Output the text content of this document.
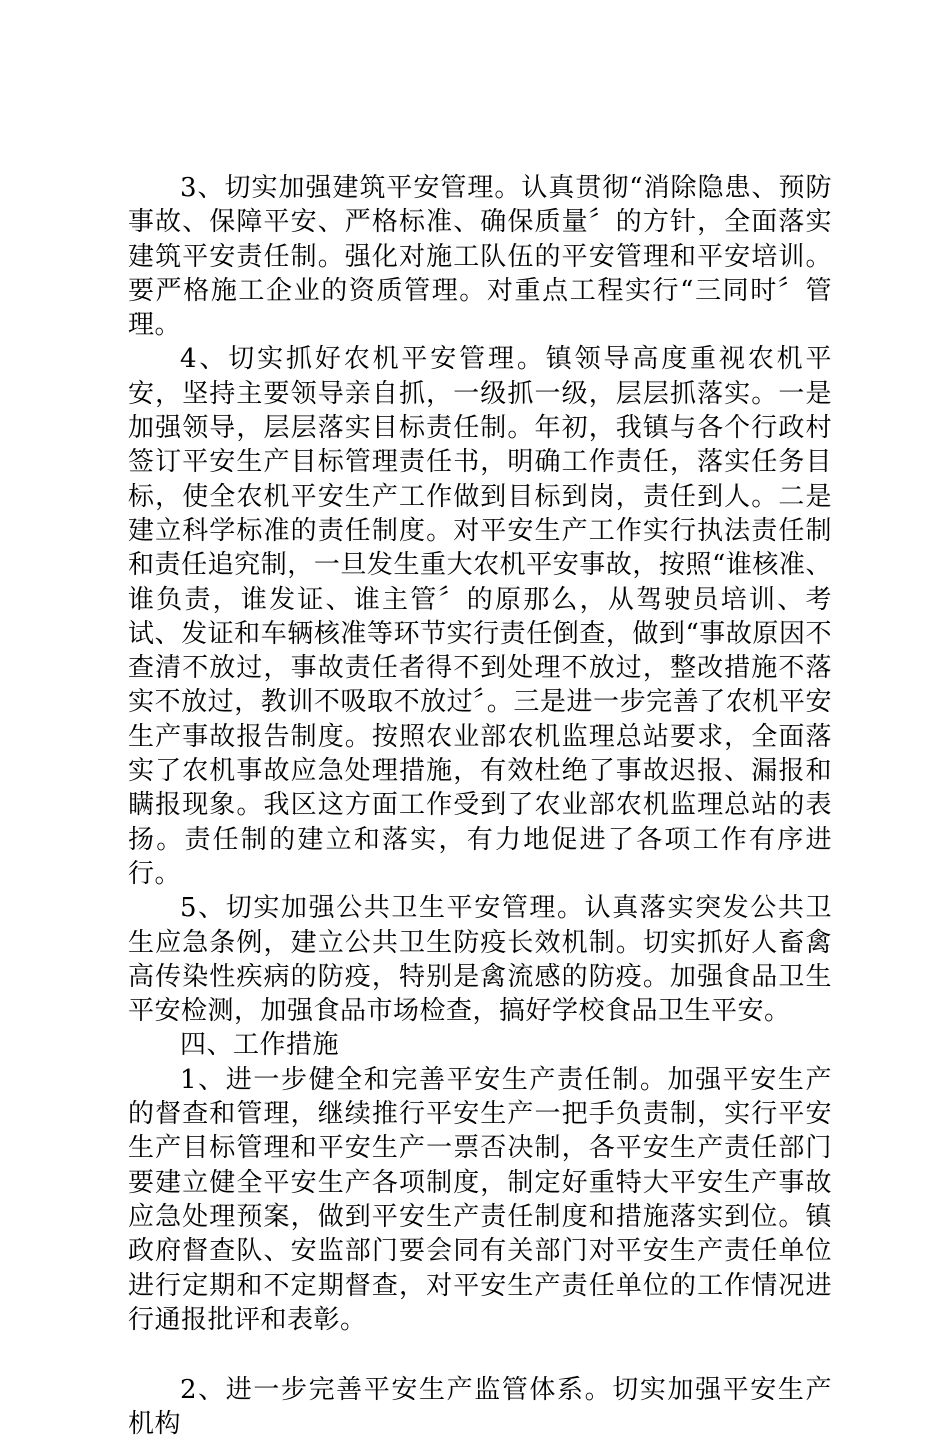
3、切实加强建筑平安管理。认真贯彻“消除隐患、预防事故、保障平安、严格标准、确保质量〞的方针，全面落实建筑平安责任制。强化对施工队伍的平安管理和平安培训。要严格施工企业的资质管理。对重点工程实行“三同时〞管理。

4、切实抓好农机平安管理。镇领导高度重视农机平安，坚持主要领导亲自抓，一级抓一级，层层抓落实。一是加强领导，层层落实目标责任制。年初，我镇与各个行政村签订平安生产目标管理责任书，明确工作责任，落实任务目标，使全农机平安生产工作做到目标到岗，责任到人。二是建立科学标准的责任制度。对平安生产工作实行执法责任制和责任追究制，一旦发生重大农机平安事故，按照“谁核准、谁负责，谁发证、谁主管〞的原那么，从驾驶员培训、考试、发证和车辆核准等环节实行责任倒查，做到“事故原因不查清不放过，事故责任者得不到处理不放过，整改措施不落实不放过，教训不吸取不放过〞。三是进一步完善了农机平安生产事故报告制度。按照农业部农机监理总站要求，全面落实了农机事故应急处理措施，有效杜绝了事故迟报、漏报和瞒报现象。我区这方面工作受到了农业部农机监理总站的表扬。责任制的建立和落实，有力地促进了各项工作有序进行。

5、切实加强公共卫生平安管理。认真落实突发公共卫生应急条例，建立公共卫生防疫长效机制。切实抓好人畜禽高传染性疾病的防疫，特别是禽流感的防疫。加强食品卫生平安检测，加强食品市场检查，搞好学校食品卫生平安。

四、工作措施

1、进一步健全和完善平安生产责任制。加强平安生产的督查和管理，继续推行平安生产一把手负责制，实行平安生产目标管理和平安生产一票否决制，各平安生产责任部门要建立健全平安生产各项制度，制定好重特大平安生产事故应急处理预案，做到平安生产责任制度和措施落实到位。镇政府督查队、安监部门要会同有关部门对平安生产责任单位进行定期和不定期督查，对平安生产责任单位的工作情况进行通报批评和表彰。

2、进一步完善平安生产监管体系。切实加强平安生产机构
